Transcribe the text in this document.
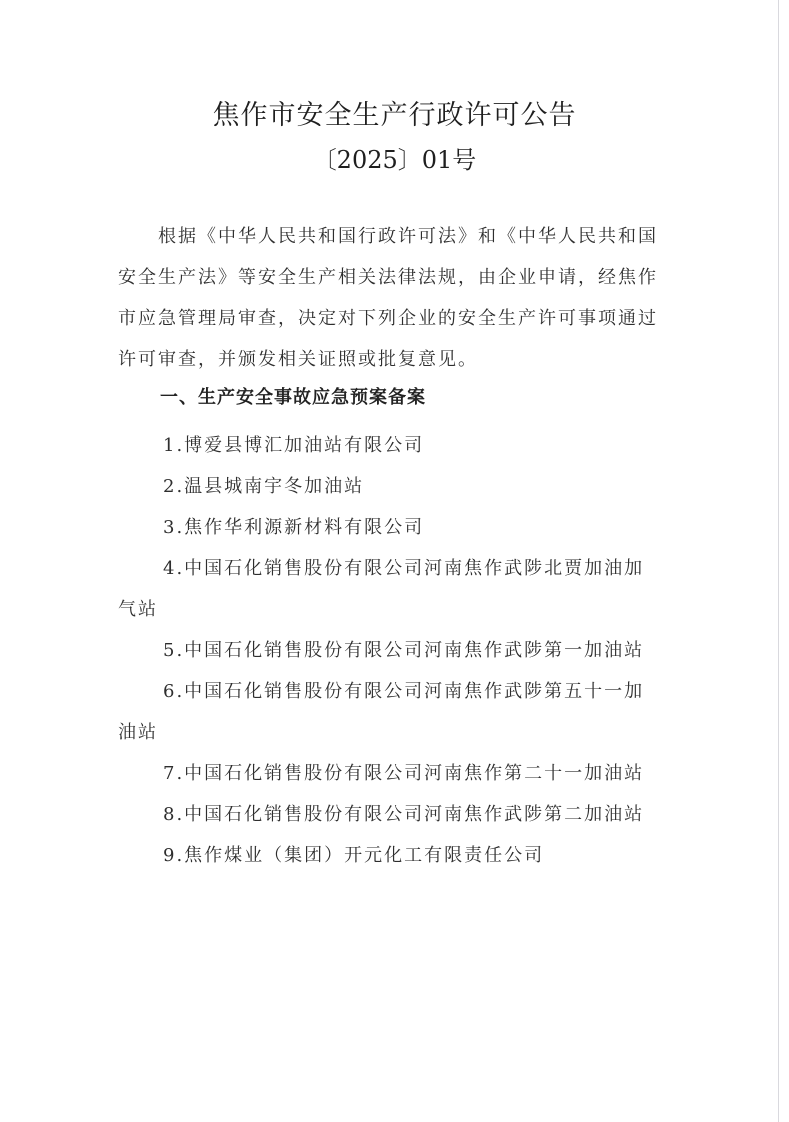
焦作市安全生产行政许可公告
〔2025〕01号
根据《中华人民共和国行政许可法》和《中华人民共和国安全生产法》等安全生产相关法律法规，由企业申请，经焦作市应急管理局审查，决定对下列企业的安全生产许可事项通过许可审查，并颁发相关证照或批复意见。
一、生产安全事故应急预案备案
1.博爱县博汇加油站有限公司
2.温县城南宇冬加油站
3.焦作华利源新材料有限公司
4.中国石化销售股份有限公司河南焦作武陟北贾加油加气站
5.中国石化销售股份有限公司河南焦作武陟第一加油站
6.中国石化销售股份有限公司河南焦作武陟第五十一加油站
7.中国石化销售股份有限公司河南焦作第二十一加油站
8.中国石化销售股份有限公司河南焦作武陟第二加油站
9.焦作煤业（集团）开元化工有限责任公司
